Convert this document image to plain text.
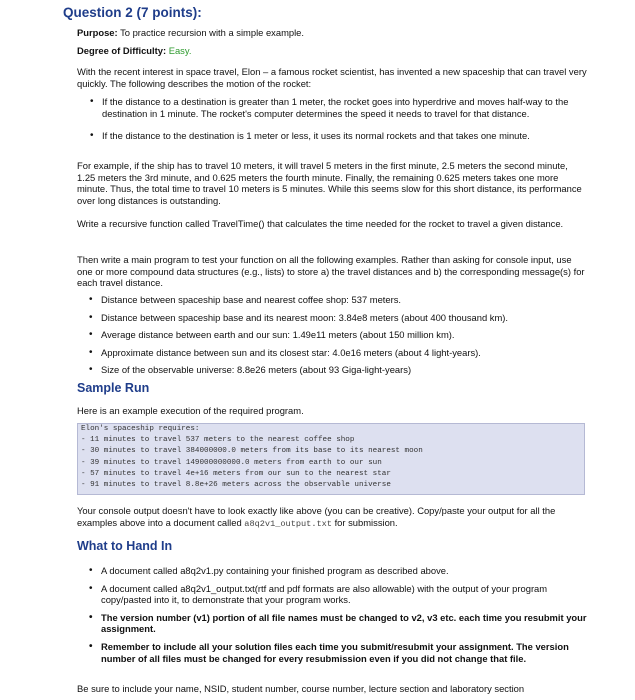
Question 2 (7 points):
Purpose: To practice recursion with a simple example.
Degree of Difficulty: Easy.
With the recent interest in space travel, Elon – a famous rocket scientist, has invented a new spaceship that can travel very quickly. The following describes the motion of the rocket:
• If the distance to a destination is greater than 1 meter, the rocket goes into hyperdrive and moves half-way to the destination in 1 minute. The rocket's computer determines the speed it needs to travel for that distance.
• If the distance to the destination is 1 meter or less, it uses its normal rockets and that takes one minute.
For example, if the ship has to travel 10 meters, it will travel 5 meters in the first minute, 2.5 meters the second minute, 1.25 meters the 3rd minute, and 0.625 meters the fourth minute. Finally, the remaining 0.625 meters takes one more minute. Thus, the total time to travel 10 meters is 5 minutes. While this seems slow for this short distance, its performance over long distances is outstanding.
Write a recursive function called TravelTime() that calculates the time needed for the rocket to travel a given distance.
Then write a main program to test your function on all the following examples. Rather than asking for console input, use one or more compound data structures (e.g., lists) to store a) the travel distances and b) the corresponding message(s) for each travel distance.
• Distance between spaceship base and nearest coffee shop: 537 meters.
• Distance between spaceship base and its nearest moon: 3.84e8 meters (about 400 thousand km).
• Average distance between earth and our sun: 1.49e11 meters (about 150 million km).
• Approximate distance between sun and its closest star: 4.0e16 meters (about 4 light-years).
• Size of the observable universe: 8.8e26 meters (about 93 Giga-light-years)
Sample Run
Here is an example execution of the required program.
Elon's spaceship requires:
- 11 minutes to travel 537 meters to the nearest coffee shop
- 30 minutes to travel 384000000.0 meters from its base to its nearest moon
- 39 minutes to travel 149000000000.0 meters from earth to our sun
- 57 minutes to travel 4e+16 meters from our sun to the nearest star
- 91 minutes to travel 8.8e+26 meters across the observable universe
Your console output doesn't have to look exactly like above (you can be creative). Copy/paste your output for all the examples above into a document called a8q2v1_output.txt for submission.
What to Hand In
• A document called a8q2v1.py containing your finished program as described above.
• A document called a8q2v1_output.txt(rtf and pdf formats are also allowable) with the output of your program copy/pasted into it, to demonstrate that your program works.
• The version number (v1) portion of all file names must be changed to v2, v3 etc. each time you resubmit your assignment.
• Remember to include all your solution files each time you submit/resubmit your assignment. The version number of all files must be changed for every resubmission even if you did not change that file.
Be sure to include your name, NSID, student number, course number, lecture section and laboratory section
